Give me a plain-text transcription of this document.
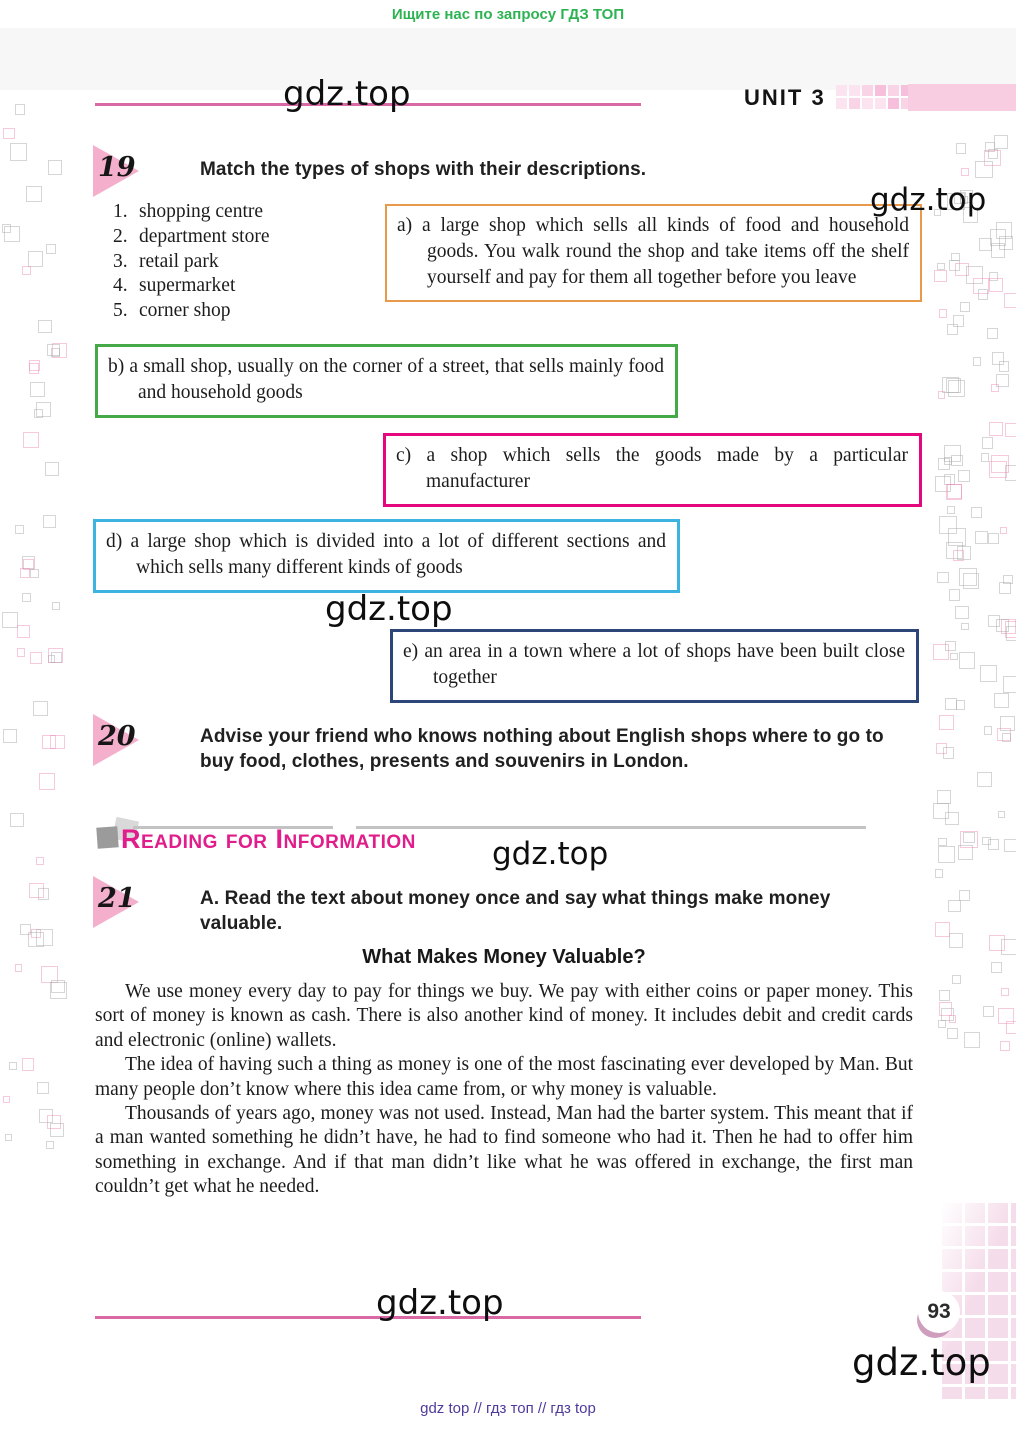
Ищите нас по запросу ГДЗ ТОП
gdz.top	UNIT 3
gdz.top
19	Match the types of shops with their descriptions.
1. shopping centre
2. department store
3. retail park
4. supermarket
5. corner shop
a) a large shop which sells all kinds of food and household goods. You walk round the shop and take items off the shelf yourself and pay for them all together before you leave
b) a small shop, usually on the corner of a street, that sells mainly food and household goods
c) a shop which sells the goods made by a particular manufacturer
d) a large shop which is divided into a lot of different sections and which sells many different kinds of goods
gdz.top
e) an area in a town where a lot of shops have been built close together
20	Advise your friend who knows nothing about English shops where to go to buy food, clothes, presents and souvenirs in London.
Reading for Information gdz.top
21	A. Read the text about money once and say what things make money valuable.
What Makes Money Valuable?

We use money every day to pay for things we buy. We pay with either coins or paper money. This sort of money is known as cash. There is also another kind of money. It includes debit and credit cards and electronic (online) wallets.

The idea of having such a thing as money is one of the most fascinating ever developed by Man. But many people don’t know where this idea came from, or why money is valuable.

Thousands of years ago, money was not used. Instead, Man had the barter system. This meant that if a man wanted something he didn’t have, he had to find someone who had it. Then he had to offer him something in exchange. And if that man didn’t like what he was offered in exchange, the first man couldn’t get what he needed.

gdz.top	93
gdz.top
gdz top // гдз топ // гдз top
